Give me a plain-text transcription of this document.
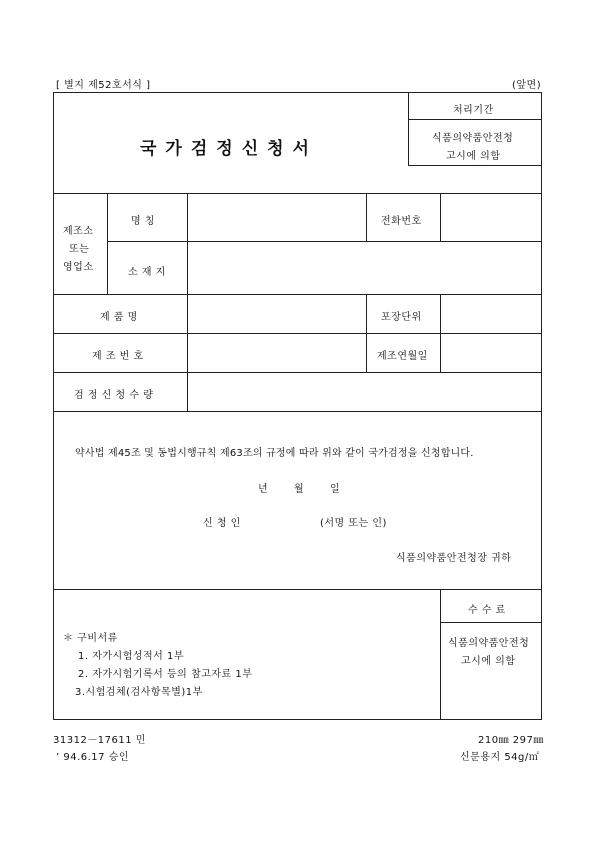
[ 별지 제52호서식 ]	(앞면)
국가검정신청서
처리기간
식품의약품안전청
고시에 의함
제조소
또는
영업소
명 칭	전화번호
소 재 지
제 품 명	포장단위
제 조 번 호	제조연월일
검 정 신 청 수 량
약사법 제45조 및 동법시행규칙 제63조의 규정에 따라 위와 같이 국가검정을 신청합니다.
년	월	일
신 청 인	(서명 또는 인)
식품의약품안전청장 귀하
＊ 구비서류
1. 자가시험성적서 1부
2. 자가시험기록서 등의 참고자료 1부
3.시험검체(검사항목별)1부
수 수 료
식품의약품안전청
고시에 의함
31312－17611 민
’ 94.6.17 승인
210㎜ 297㎜
신문용지 54g/㎡
